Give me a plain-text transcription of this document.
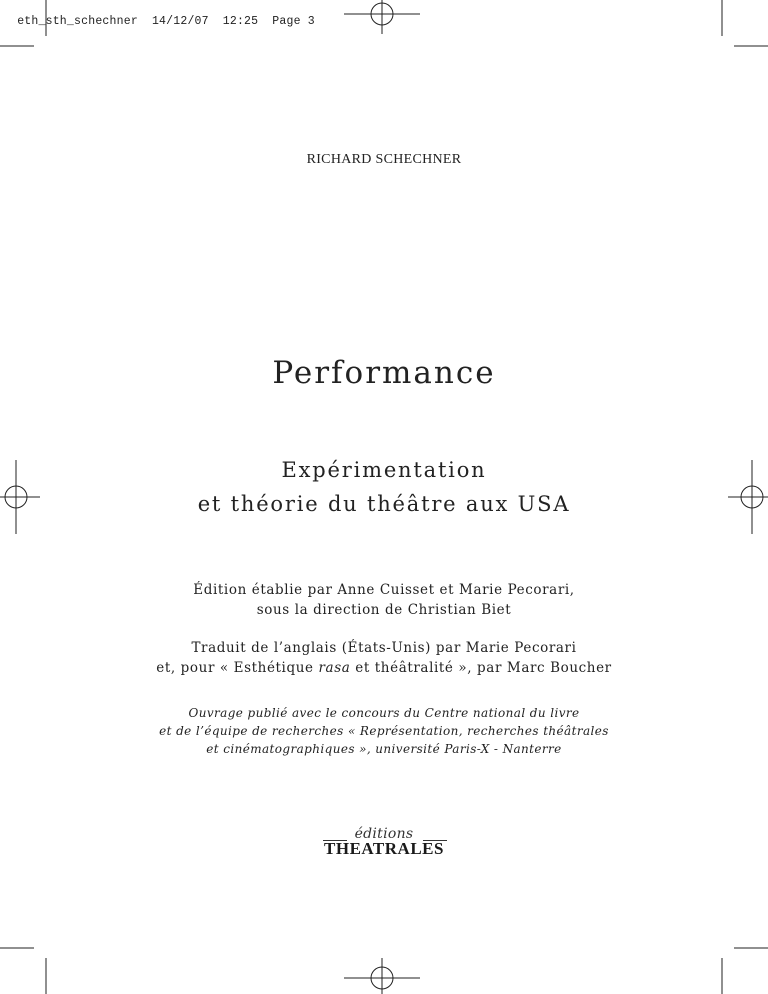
eth_sth_schechner 14/12/07 12:25 Page 3

RICHARD SCHECHNER
Performance
Expérimentation
et théorie du théâtre aux USA
Édition établie par Anne Cuisset et Marie Pecorari,
sous la direction de Christian Biet
Traduit de l’anglais (États-Unis) par Marie Pecorari
et, pour « Esthétique rasa et théâtralité », par Marc Boucher
Ouvrage publié avec le concours du Centre national du livre
et de l’équipe de recherches « Représentation, recherches théâtrales
et cinématographiques », université Paris-X - Nanterre
éditions
THEATRALES
